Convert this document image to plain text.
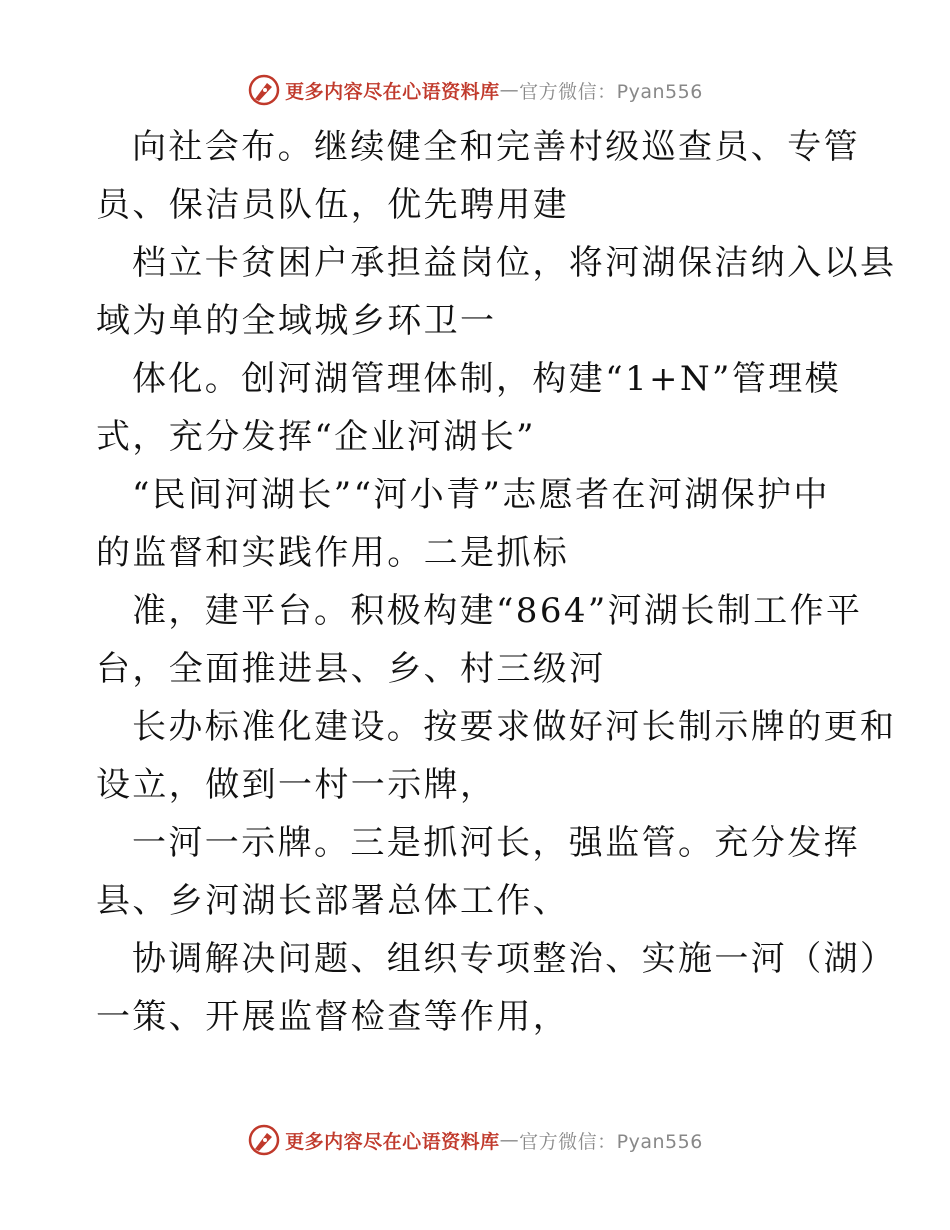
更多内容尽在心语资料库 — 官方微信：Pyan556
向社会布。继续健全和完善村级巡查员、专管
员、保洁员队伍，优先聘用建
档立卡贫困户承担益岗位，将河湖保洁纳入以县
域为单的全域城乡环卫一
体化。创河湖管理体制，构建“1+N”管理模
式，充分发挥“企业河湖长”
“民间河湖长”“河小青”志愿者在河湖保护中
的监督和实践作用。二是抓标
准，建平台。积极构建“864”河湖长制工作平
台，全面推进县、乡、村三级河
长办标准化建设。按要求做好河长制示牌的更和
设立，做到一村一示牌，
一河一示牌。三是抓河长，强监管。充分发挥
县、乡河湖长部署总体工作、
协调解决问题、组织专项整治、实施一河（湖）
一策、开展监督检查等作用，
更多内容尽在心语资料库 — 官方微信：Pyan556
